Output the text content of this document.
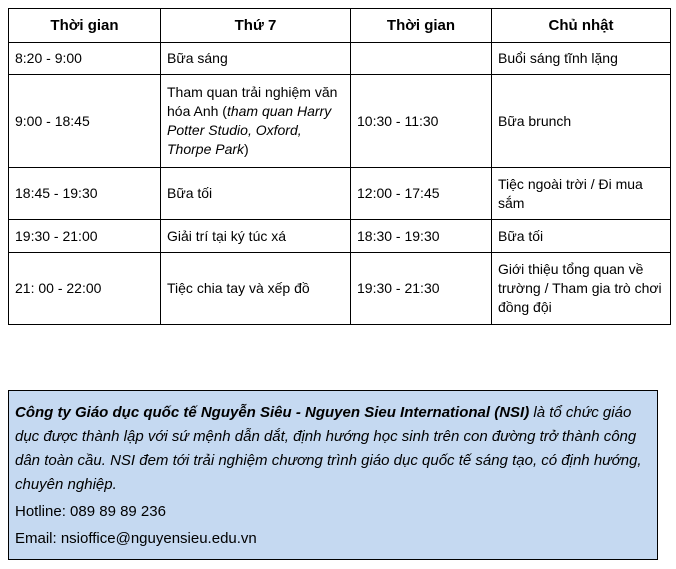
Thời gian	Thứ 7	Thời gian	Chủ nhật
8:20 - 9:00	Bữa sáng		Buổi sáng tĩnh lặng
9:00 - 18:45	Tham quan trải nghiệm văn hóa Anh (tham quan Harry Potter Studio, Oxford, Thorpe Park)	10:30 - 11:30	Bữa brunch
18:45 - 19:30	Bữa tối	12:00 - 17:45	Tiệc ngoài trời / Đi mua sắm
19:30 - 21:00	Giải trí tại ký túc xá	18:30 - 19:30	Bữa tối
21: 00 - 22:00	Tiệc chia tay và xếp đồ	19:30 - 21:30	Giới thiệu tổng quan về trường / Tham gia trò chơi đồng đội

Công ty Giáo dục quốc tế Nguyễn Siêu - Nguyen Sieu International (NSI) là tổ chức giáo dục được thành lập với sứ mệnh dẫn dắt, định hướng học sinh trên con đường trở thành công dân toàn cầu. NSI đem tới trải nghiệm chương trình giáo dục quốc tế sáng tạo, có định hướng, chuyên nghiệp.

Hotline: 089 89 89 236

Email: nsioffice@nguyensieu.edu.vn
